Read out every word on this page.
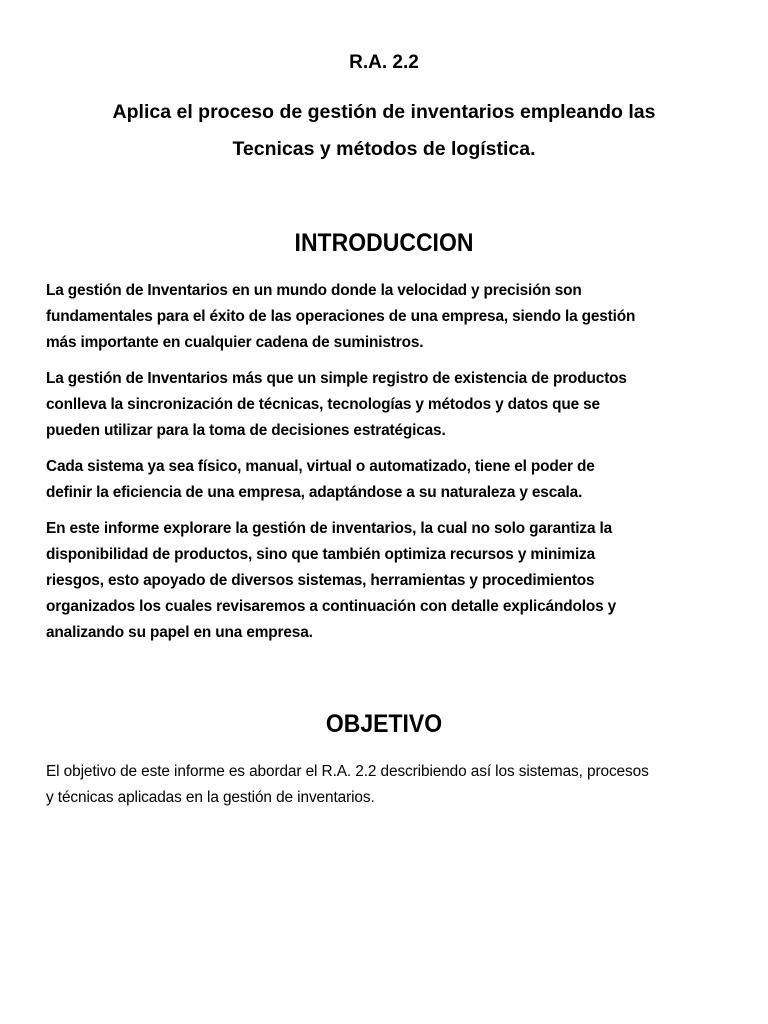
R.A. 2.2
Aplica el proceso de gestión de inventarios empleando las
Tecnicas y métodos de logística.
INTRODUCCION

La gestión de Inventarios en un mundo donde la velocidad y precisión son
fundamentales para el éxito de las operaciones de una empresa, siendo la gestión
más importante en cualquier cadena de suministros.

La gestión de Inventarios más que un simple registro de existencia de productos
conlleva la sincronización de técnicas, tecnologías y métodos y datos que se
pueden utilizar para la toma de decisiones estratégicas.

Cada sistema ya sea físico, manual, virtual o automatizado, tiene el poder de
definir la eficiencia de una empresa, adaptándose a su naturaleza y escala.

En este informe explorare la gestión de inventarios, la cual no solo garantiza la
disponibilidad de productos, sino que también optimiza recursos y minimiza
riesgos, esto apoyado de diversos sistemas, herramientas y procedimientos
organizados los cuales revisaremos a continuación con detalle explicándolos y
analizando su papel en una empresa.

OBJETIVO

El objetivo de este informe es abordar el R.A. 2.2 describiendo así los sistemas, procesos
y técnicas aplicadas en la gestión de inventarios.
